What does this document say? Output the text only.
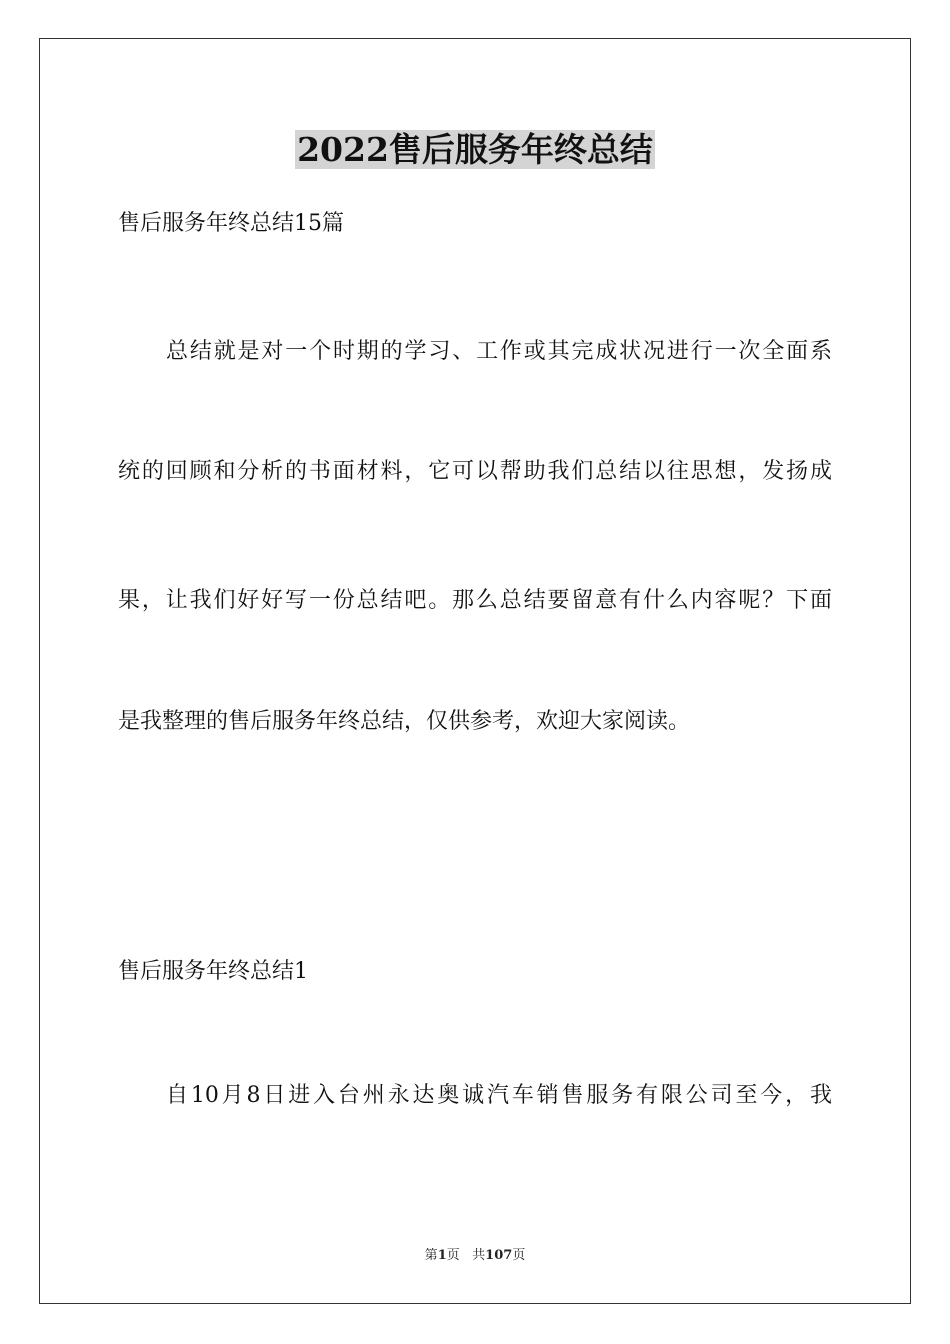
2022售后服务年终总结
售后服务年终总结15篇
总结就是对一个时期的学习、工作或其完成状况进行一次全面系
统的回顾和分析的书面材料，它可以帮助我们总结以往思想，发扬成
果，让我们好好写一份总结吧。那么总结要留意有什么内容呢？下面
是我整理的售后服务年终总结，仅供参考，欢迎大家阅读。
售后服务年终总结1
自10月8日进入台州永达奥诚汽车销售服务有限公司至今，我
第1页 共107页
